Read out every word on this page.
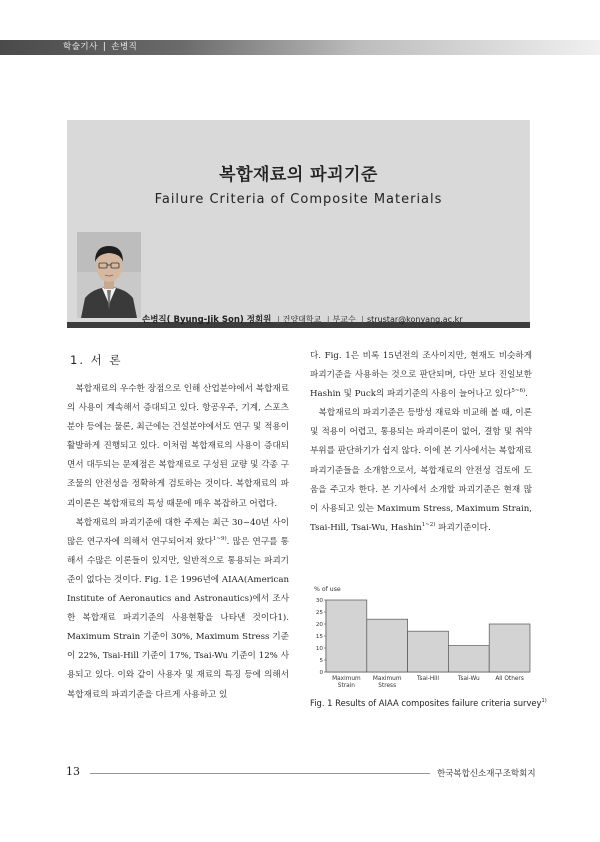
학술기사 | 손병직
복합재료의 파괴기준
Failure Criteria of Composite Materials
손병직( Byung-Jik Son) 정회원 | 건양대학교 | 부교수 | strustar@konyang.ac.kr
1. 서 론

복합재료의 우수한 장점으로 인해 산업분야에서 복합재료의 사용이 계속해서 증대되고 있다. 항공우주, 기계, 스포츠 분야 등에는 물론, 최근에는 건설분야에서도 연구 및 적용이 활발하게 진행되고 있다. 이처럼 복합재료의 사용이 증대되면서 대두되는 문제점은 복합재료로 구성된 교량 및 각종 구조물의 안전성을 정확하게 검토하는 것이다. 복합재료의 파괴이론은 복합재료의 특성 때문에 매우 복잡하고 어렵다.

복합재료의 파괴기준에 대한 주제는 최근 30~40년 사이 많은 연구자에 의해서 연구되어져 왔다$^{1\sim 9)}$. 많은 연구를 통해서 수많은 이론들이 있지만, 일반적으로 통용되는 파괴기준이 없다는 것이다. Fig. 1은 1996년에 AIAA(American Institute of Aeronautics and Astronautics)에서 조사한 복합재료 파괴기준의 사용현황을 나타낸 것이다1). Maximum Strain 기준이 30%, Maximum Stress 기준이 22%, Tsai-Hill 기준이 17%, Tsai-Wu 기준이 12% 사용되고 있다. 이와 같이 사용자 및 재료의 특징 등에 의해서 복합재료의 파괴기준을 다르게 사용하고 있

다. Fig. 1은 비록 15년전의 조사이지만, 현재도 비슷하게 파괴기준을 사용하는 것으로 판단되며, 다만 보다 진일보한 Hashin 및 Puck의 파괴기준의 사용이 늘어나고 있다$^{5\sim 6)}$.

복합재료의 파괴기준은 등방성 재료와 비교해 볼 때, 이론 및 적용이 어렵고, 통용되는 파괴이론이 없어, 결함 및 취약 부위를 판단하기가 쉽지 않다. 이에 본 기사에서는 복합재료 파괴기준들을 소개함으로서, 복합재료의 안전성 검토에 도움을 주고자 한다. 본 기사에서 소개할 파괴기준은 현재 많이 사용되고 있는 Maximum Stress, Maximum Strain, Tsai-Hill, Tsai-Wu, Hashin$^{1\sim 2)}$ 파괴기준이다.

% of use
0
5
10
15
20
25
30
Maximum
Strain
Maximum
Stress
Tsai-Hill	Tsai-Wu	All Others
Fig. 1 Results of AIAA composites failure criteria survey$^{1)}$
13	한국복합신소재구조학회지
